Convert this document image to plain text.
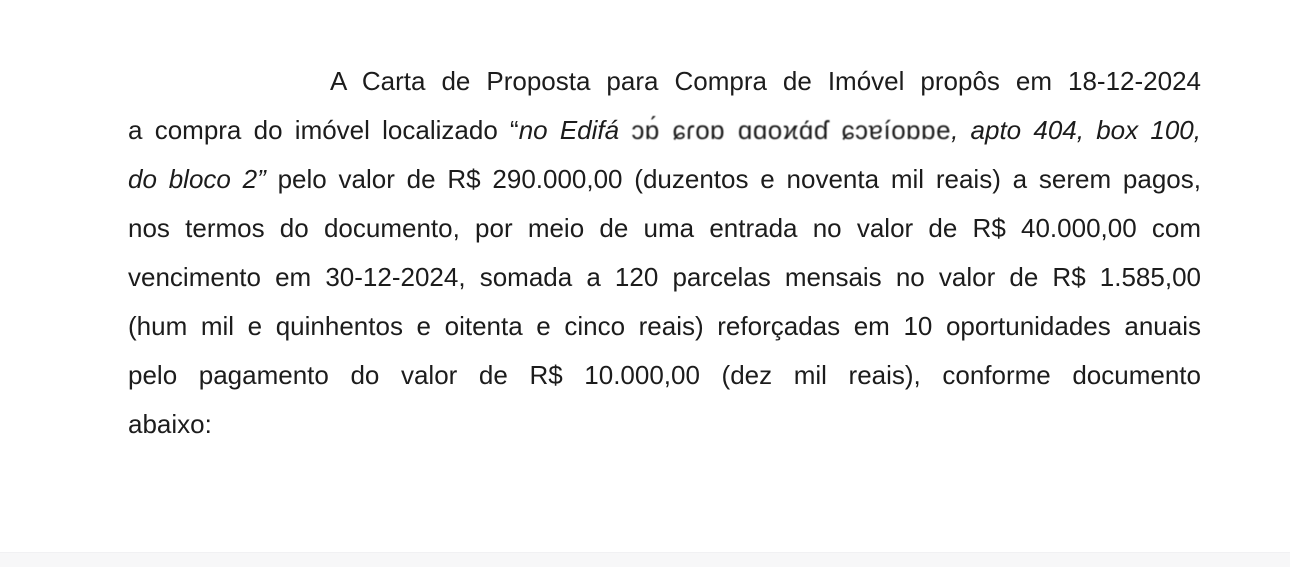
A Carta de Proposta para Compra de Imóvel propôs em 18-12-2024
a compra do imóvel localizado “no Edifá ɔɒ́ ɕɾoɒ ɑɑoϰɑ́ɗ ɕɔɐíoɒɒe, apto 404, box 100,
do bloco 2” pelo valor de R$ 290.000,00 (duzentos e noventa mil reais) a serem pagos,
nos termos do documento, por meio de uma entrada no valor de R$ 40.000,00 com
vencimento em 30-12-2024, somada a 120 parcelas mensais no valor de R$ 1.585,00
(hum mil e quinhentos e oitenta e cinco reais) reforçadas em 10 oportunidades anuais
pelo pagamento do valor de R$ 10.000,00 (dez mil reais), conforme documento
abaixo:
